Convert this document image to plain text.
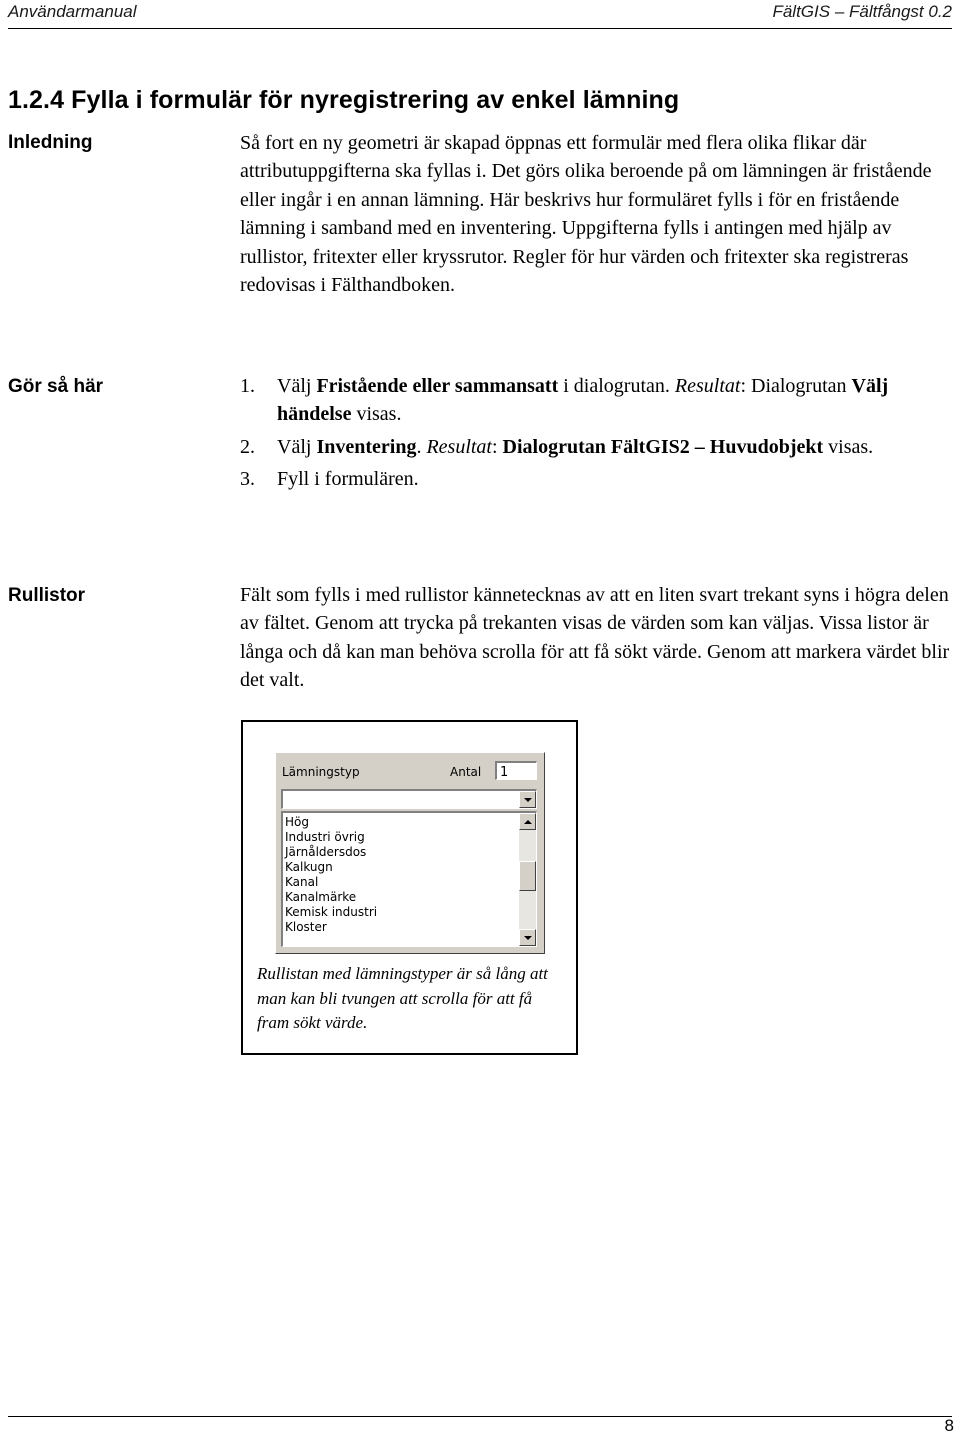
Användarmanual	FältGIS – Fältfångst 0.2
1.2.4 Fylla i formulär för nyregistrering av enkel lämning
Inledning	Så fort en ny geometri är skapad öppnas ett formulär med flera olika flikar där attributuppgifterna ska fyllas i. Det görs olika beroende på om lämningen är fristående eller ingår i en annan lämning. Här beskrivs hur formuläret fylls i för en fristående lämning i samband med en inventering. Uppgifterna fylls i antingen med hjälp av rullistor, fritexter eller kryssrutor. Regler för hur värden och fritexter ska registreras redovisas i Fälthandboken.

Gör så här	1. Välj Fristående eller sammansatt i dialogrutan. Resultat: Dialogrutan Välj händelse visas.
2. Välj Inventering. Resultat: Dialogrutan FältGIS2 – Huvudobjekt visas.
3. Fyll i formulären.
Rullistor	Fält som fylls i med rullistor kännetecknas av att en liten svart trekant syns i högra delen av fältet. Genom att trycka på trekanten visas de värden som kan väljas. Vissa listor är långa och då kan man behöva scrolla för att få sökt värde. Genom att markera värdet blir det valt.

Lämningstyp	Antal	1
Hög
Industri övrig
Järnåldersdos
Kalkugn
Kanal
Kanalmärke
Kemisk industri
Kloster

Rullistan med lämningstyper är så lång att man kan bli tvungen att scrolla för att få fram sökt värde.

8
